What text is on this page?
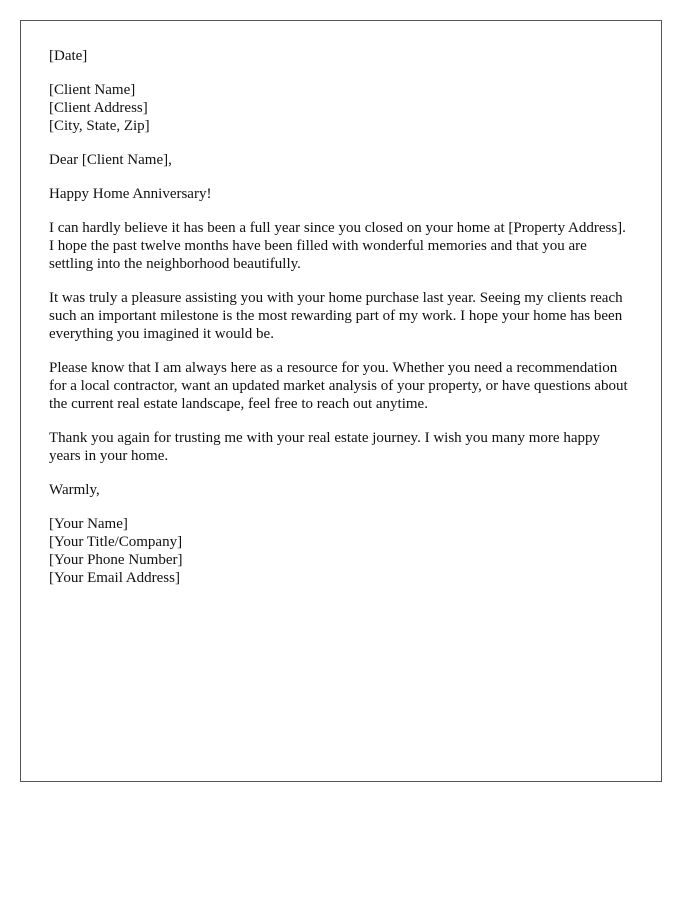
[Date]
[Client Name]
[Client Address]
[City, State, Zip]

Dear [Client Name],

Happy Home Anniversary!

I can hardly believe it has been a full year since you closed on your home at [Property Address]. I hope the past twelve months have been filled with wonderful memories and that you are settling into the neighborhood beautifully.

It was truly a pleasure assisting you with your home purchase last year. Seeing my clients reach such an important milestone is the most rewarding part of my work. I hope your home has been everything you imagined it would be.

Please know that I am always here as a resource for you. Whether you need a recommendation for a local contractor, want an updated market analysis of your property, or have questions about the current real estate landscape, feel free to reach out anytime.

Thank you again for trusting me with your real estate journey. I wish you many more happy years in your home.

Warmly,

[Your Name]
[Your Title/Company]
[Your Phone Number]
[Your Email Address]
